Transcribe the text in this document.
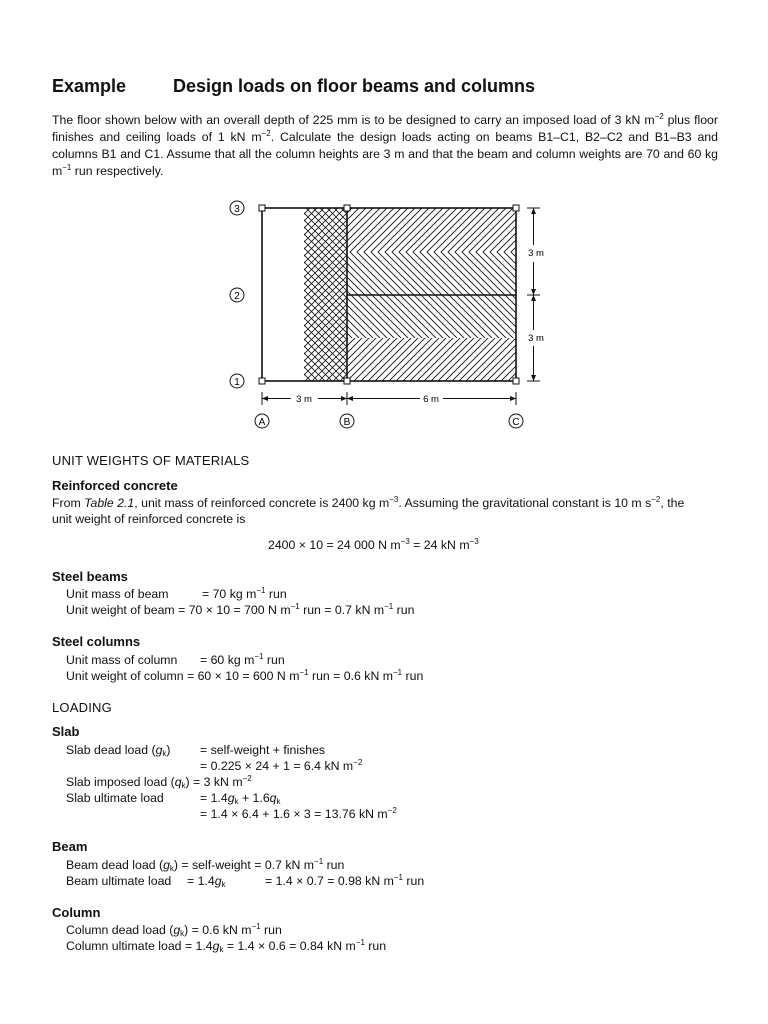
Example	Design loads on floor beams and columns
The floor shown below with an overall depth of 225 mm is to be designed to carry an imposed load of 3 kN $m^{-2}$ plus floor finishes and ceiling loads of 1 kN $m^{-2}$. Calculate the design loads acting on beams B1–C1, B2–C2 and B1–B3 and columns B1 and C1. Assume that all the column heights are 3 m and that the beam and column weights are 70 and 60 kg $m^{-1}$ run respectively.
3
2
1
A	B	C
3 m	6 m
3 m
3 m
UNIT WEIGHTS OF MATERIALS
Reinforced concrete
From Table 2.1, unit mass of reinforced concrete is 2400 kg $m^{-3}$. Assuming the gravitational constant is 10 m $s^{-2}$, the
unit weight of reinforced concrete is
2400 × 10 = 24 000 N $m^{-3} = 24$ kN $m^{-3}$
Steel beams
Unit mass of beam	= 70 kg $m^{-1}$ run
Unit weight of beam = 70 × 10 = 700 N $m^{-1}$ run = 0.7 kN $m^{-1}$ run
Steel columns
Unit mass of column = 60 kg $m^{-1}$ run
Unit weight of column = 60 × 10 = 600 N $m^{-1}$ run = 0.6 kN $m^{-1}$ run
LOADING
Slab
Slab dead load $(g_k)$ = self-weight + finishes
= 0.225 × 24 + 1 = 6.4 kN $m^{-2}$
Slab imposed load $(q_k) = 3$ kN $m^{-2}$
Slab ultimate load	= $1.4g_k + 1.6q_k$
= 1.4 × 6.4 + 1.6 × 3 = 13.76 kN $m^{-2}$
Beam
Beam dead load $(g_k)$ = self-weight = 0.7 kN $m^{-1}$ run
Beam ultimate load = $1.4g_k$	= 1.4 × 0.7 = 0.98 kN $m^{-1}$ run
Column
Column dead load $(g_k) = 0.6$ kN $m^{-1}$ run
Column ultimate load = $1.4g_k = 1.4 \times 0.6 = 0.84$ kN $m^{-1}$ run
